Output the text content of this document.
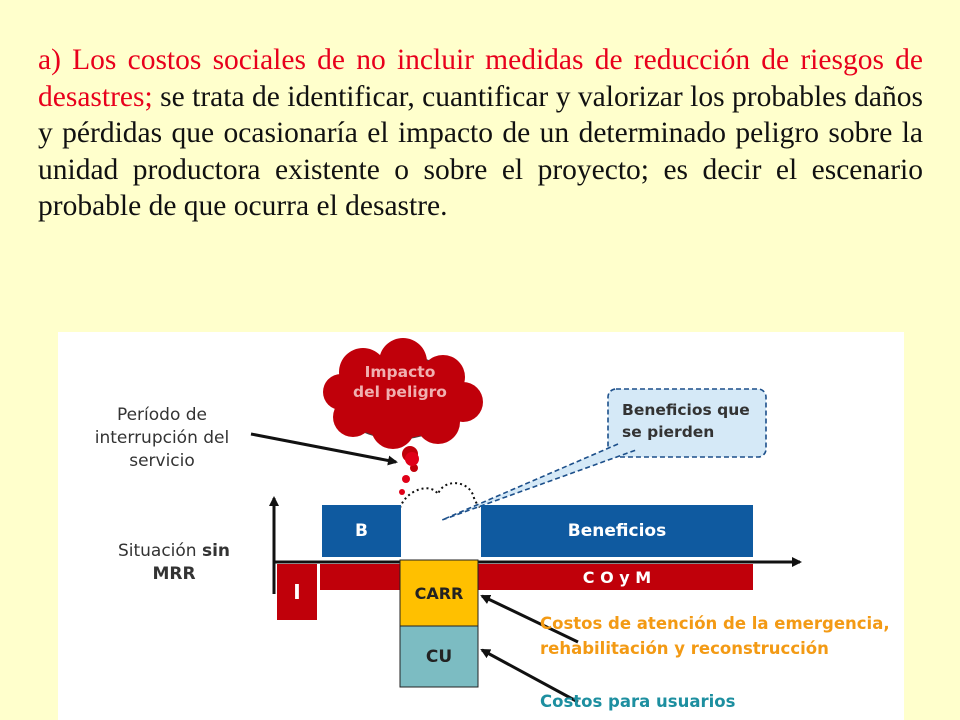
a) Los costos sociales de no incluir medidas de reducción de riesgos de desastres; se trata de identificar, cuantificar y valorizar los probables daños y pérdidas que ocasionaría el impacto de un determinado peligro sobre la unidad productora existente o sobre el proyecto; es decir el escenario probable de que ocurra el desastre.

Impacto
del peligro
Beneficios que
se pierden
Período de
interrupción del
servicio
Situación sin
MRR
B	Beneficios
C O y M
I	CARR
CU
Costos de atención de la emergencia,
rehabilitación y reconstrucción
Costos para usuarios
